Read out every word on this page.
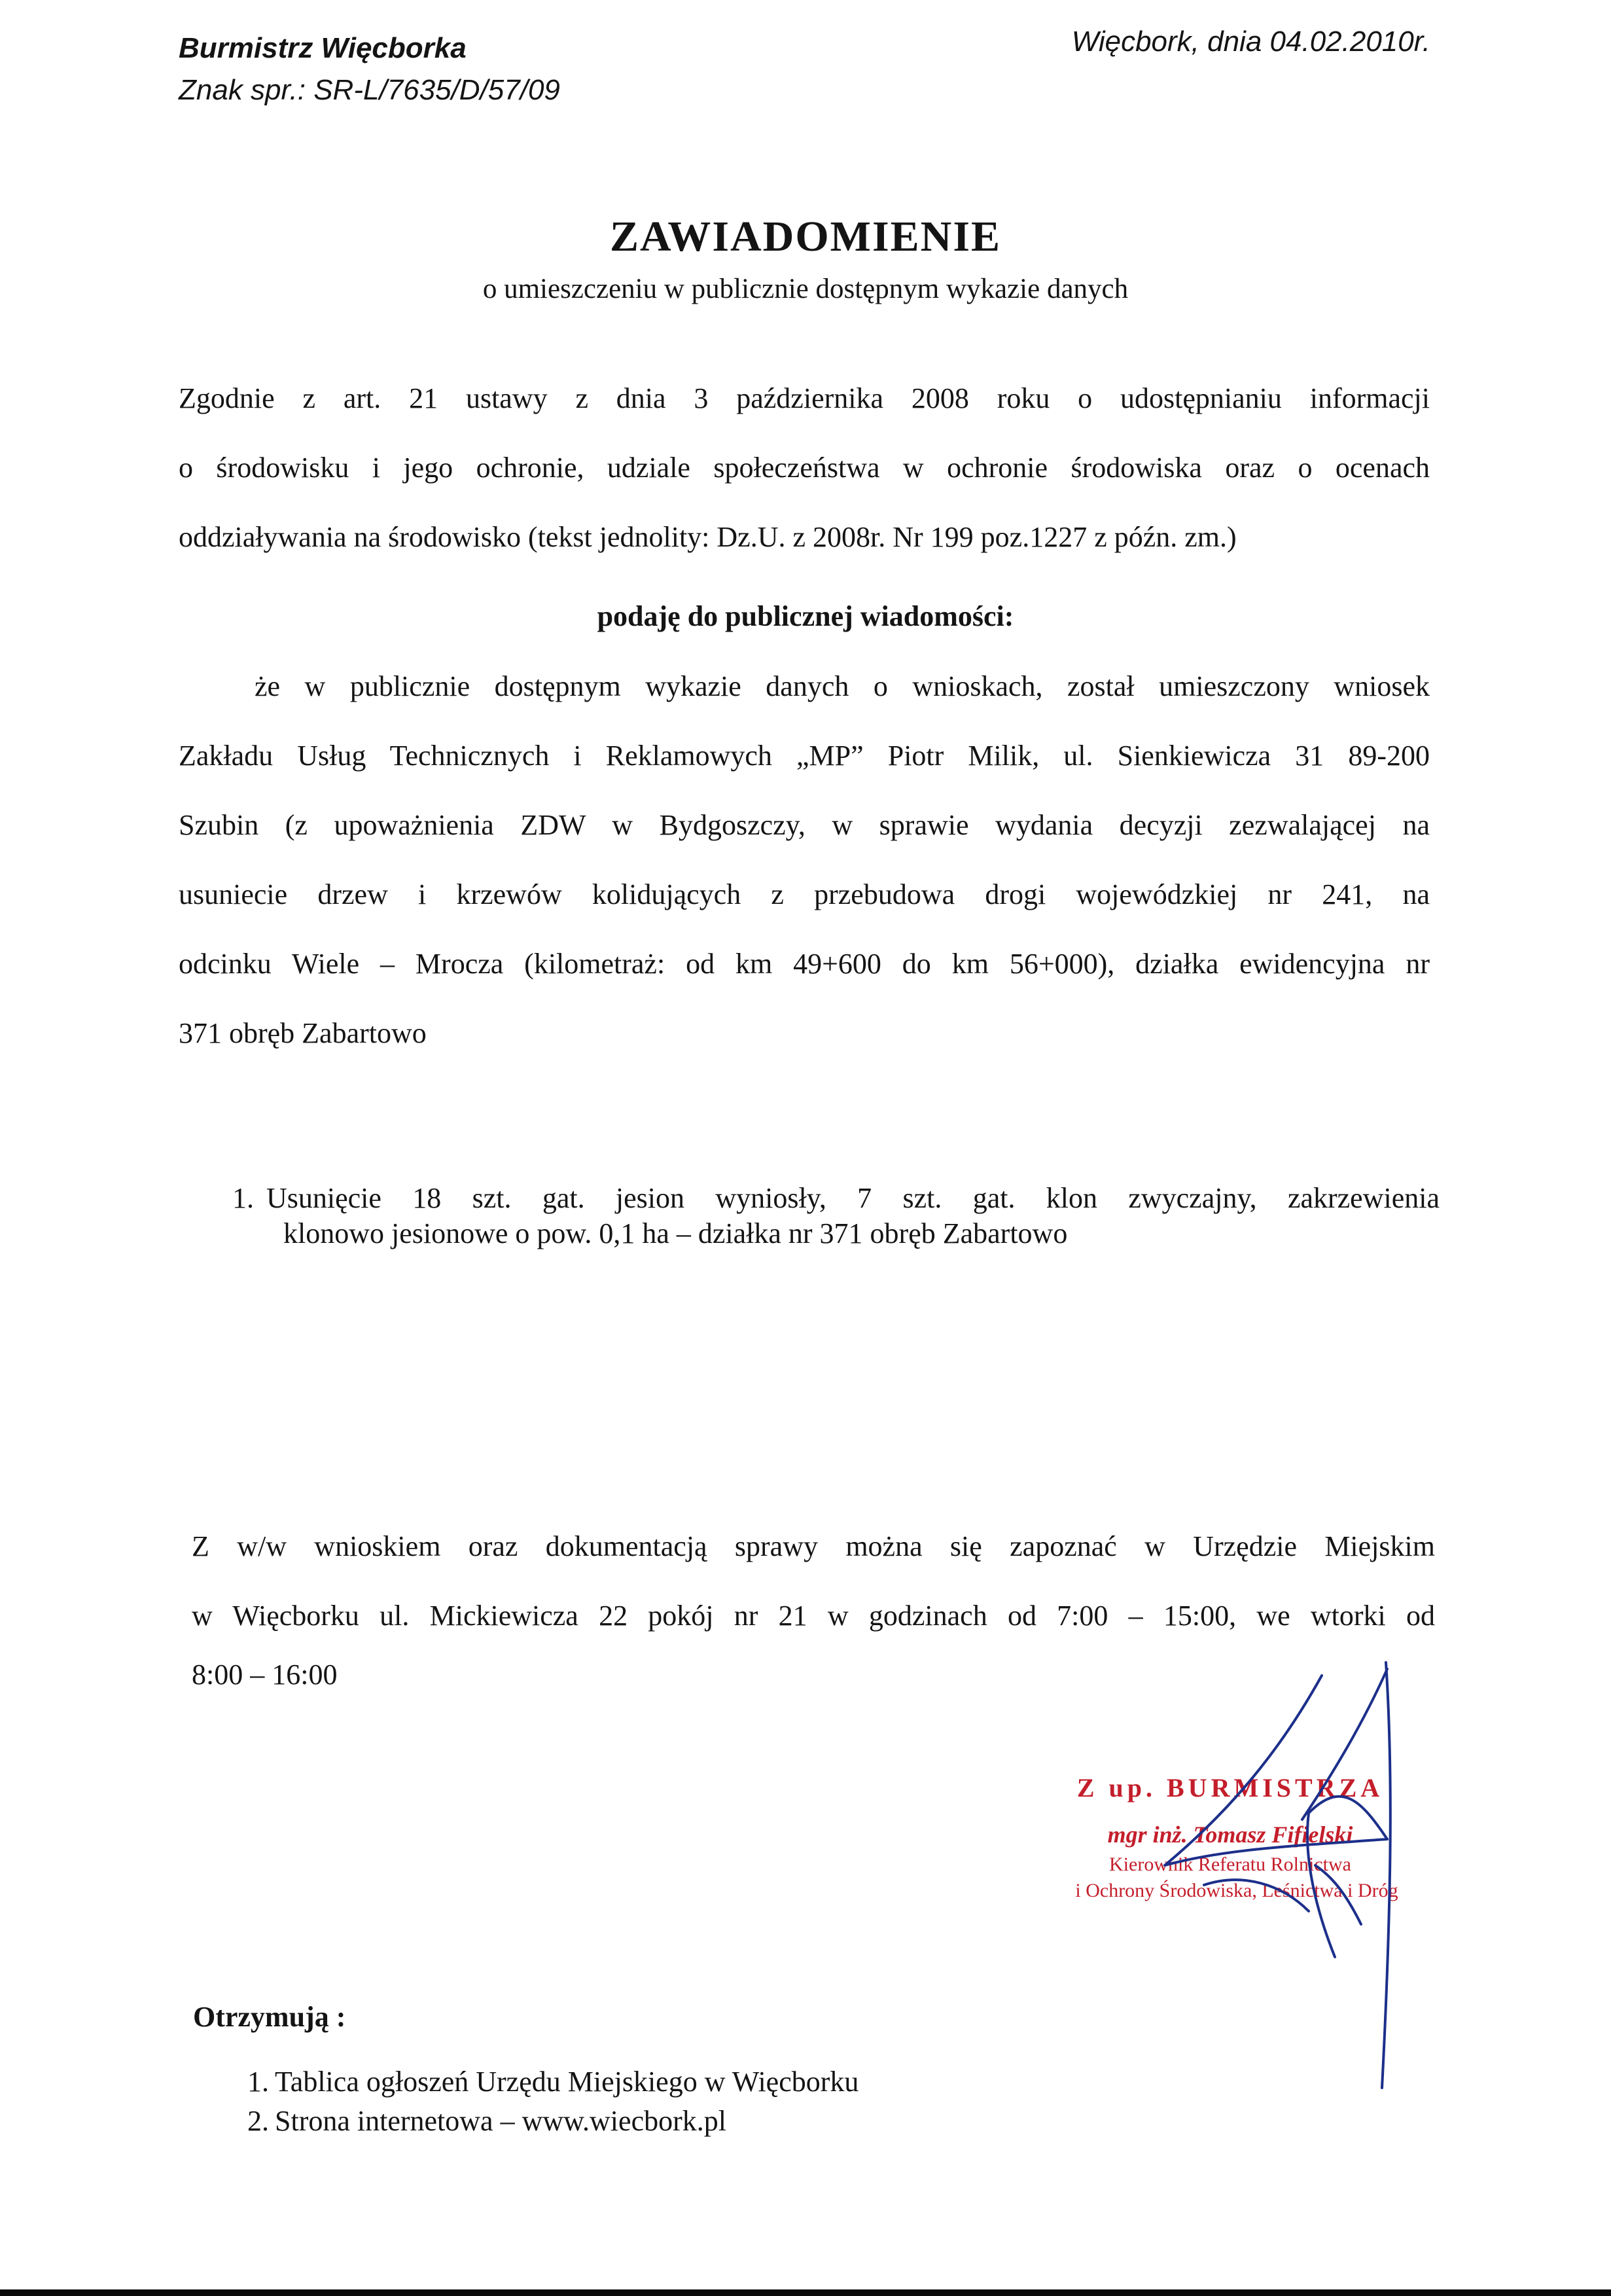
Burmistrz Więcborka
Znak spr.: SR-L/7635/D/57/09
Więcbork, dnia 04.02.2010r.
ZAWIADOMIENIE
o umieszczeniu w publicznie dostępnym wykazie danych
Zgodnie z art. 21 ustawy z dnia 3 października 2008 roku o udostępnianiu informacji
o środowisku i jego ochronie, udziale społeczeństwa w ochronie środowiska oraz o ocenach
oddziaływania na środowisko (tekst jednolity: Dz.U. z 2008r. Nr 199 poz.1227 z późn. zm.)
podaję do publicznej wiadomości:
że w publicznie dostępnym wykazie danych o wnioskach, został umieszczony wniosek
Zakładu Usług Technicznych i Reklamowych „MP” Piotr Milik, ul. Sienkiewicza 31 89-200
Szubin (z upoważnienia ZDW w Bydgoszczy, w sprawie wydania decyzji zezwalającej na
usuniecie drzew i krzewów kolidujących z przebudowa drogi wojewódzkiej nr 241, na
odcinku Wiele – Mrocza (kilometraż: od km 49+600 do km 56+000), działka ewidencyjna nr
371 obręb Zabartowo
1. Usunięcie 18 szt. gat. jesion wyniosły, 7 szt. gat. klon zwyczajny, zakrzewienia
klonowo jesionowe o pow. 0,1 ha – działka nr 371 obręb Zabartowo
Z w/w wnioskiem oraz dokumentacją sprawy można się zapoznać w Urzędzie Miejskim
w Więcborku ul. Mickiewicza 22 pokój nr 21 w godzinach od 7:00 – 15:00, we wtorki od
8:00 – 16:00
Z up. BURMISTRZA
mgr inż. Tomasz Fifielski
Kierownik Referatu Rolnictwa
i Ochrony Środowiska, Leśnictwa i Dróg
Otrzymują :
1. Tablica ogłoszeń Urzędu Miejskiego w Więcborku
2. Strona internetowa – www.wiecbork.pl
